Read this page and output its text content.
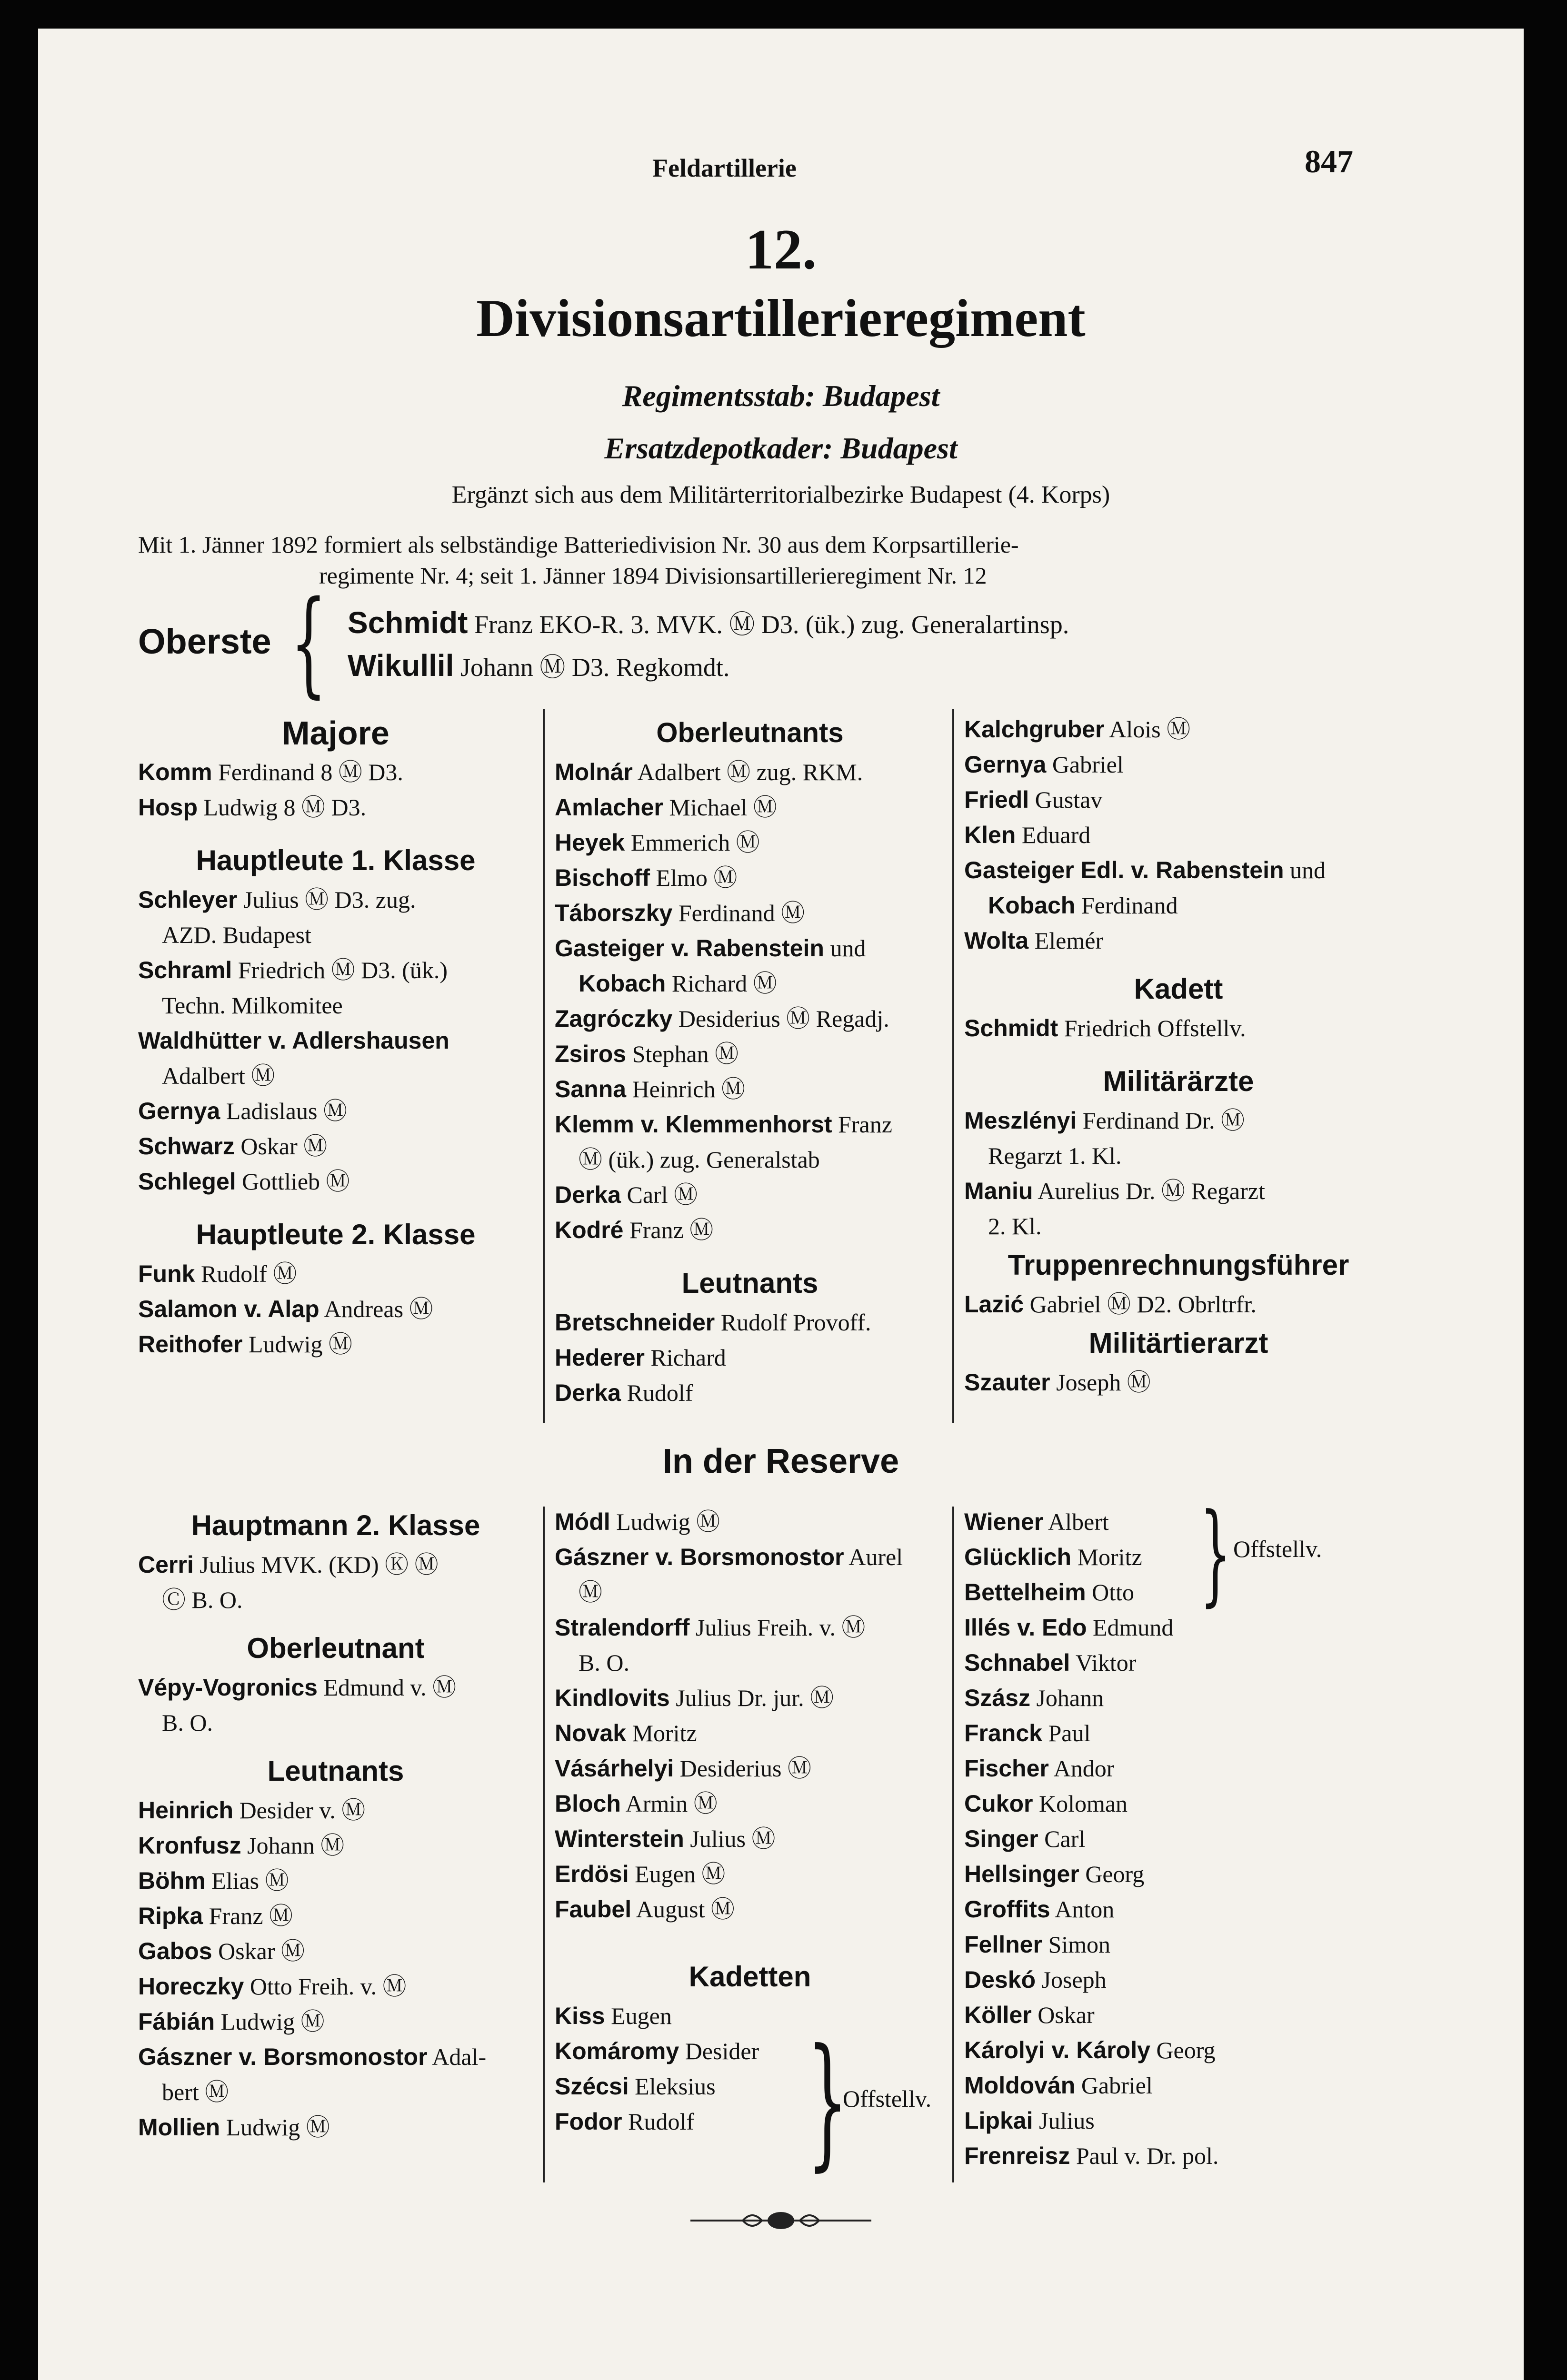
Feldartillerie	847
12.
Divisionsartillerieregiment
Regimentsstab: Budapest
Ersatzdepotkader: Budapest
Ergänzt sich aus dem Militärterritorialbezirke Budapest (4. Korps)
Mit 1. Jänner 1892 formiert als selbständige Batteriedivision Nr. 30 aus dem Korpsartillerie-
regimente Nr. 4; seit 1. Jänner 1894 Divisionsartillerieregiment Nr. 12
Oberste { Schmidt Franz EKO-R. 3. MVK. Ⓜ D3. (ük.) zug. Generalartinsp.
Wikullil Johann Ⓜ D3. Regkomdt.
Majore
Komm Ferdinand 8 Ⓜ D3.
Hosp Ludwig 8 Ⓜ D3.
Hauptleute 1. Klasse
Schleyer Julius Ⓜ D3. zug.
AZD. Budapest
Schraml Friedrich Ⓜ D3. (ük.)
Techn. Milkomitee
Waldhütter v. Adlershausen
Adalbert Ⓜ
Gernya Ladislaus Ⓜ
Schwarz Oskar Ⓜ
Schlegel Gottlieb Ⓜ
Hauptleute 2. Klasse
Funk Rudolf Ⓜ
Salamon v. Alap Andreas Ⓜ
Reithofer Ludwig Ⓜ
Oberleutnants
Molnár Adalbert Ⓜ zug. RKM.
Amlacher Michael Ⓜ
Heyek Emmerich Ⓜ
Bischoff Elmo Ⓜ
Táborszky Ferdinand Ⓜ
Gasteiger v. Rabenstein und
Kobach Richard Ⓜ
Zagróczky Desiderius Ⓜ Regadj.
Zsiros Stephan Ⓜ
Sanna Heinrich Ⓜ
Klemm v. Klemmenhorst Franz
Ⓜ (ük.) zug. Generalstab
Derka Carl Ⓜ
Kodré Franz Ⓜ
Leutnants
Bretschneider Rudolf Provoff.
Hederer Richard
Derka Rudolf
Kalchgruber Alois Ⓜ
Gernya Gabriel
Friedl Gustav
Klen Eduard
Gasteiger Edl. v. Rabenstein und
Kobach Ferdinand
Wolta Elemér
Kadett
Schmidt Friedrich Offstellv.
Militärärzte
Meszlényi Ferdinand Dr. Ⓜ
Regarzt 1. Kl.
Maniu Aurelius Dr. Ⓜ Regarzt
2. Kl.
Truppenrechnungsführer
Lazić Gabriel Ⓜ D2. Obrltrfr.
Militärtierarzt
Szauter Joseph Ⓜ
In der Reserve
Hauptmann 2. Klasse
Cerri Julius MVK. (KD) Ⓚ Ⓜ
Ⓒ B. O.
Oberleutnant
Vépy-Vogronics Edmund v. Ⓜ
B. O.
Leutnants
Heinrich Desider v. Ⓜ
Kronfusz Johann Ⓜ
Böhm Elias Ⓜ
Ripka Franz Ⓜ
Gabos Oskar Ⓜ
Horeczky Otto Freih. v. Ⓜ
Fábián Ludwig Ⓜ
Gászner v. Borsmonostor Adal-
bert Ⓜ
Mollien Ludwig Ⓜ
Módl Ludwig Ⓜ
Gászner v. Borsmonostor Aurel
Ⓜ
Stralendorff Julius Freih. v. Ⓜ
B. O.
Kindlovits Julius Dr. jur. Ⓜ
Novak Moritz
Vásárhelyi Desiderius Ⓜ
Bloch Armin Ⓜ
Winterstein Julius Ⓜ
Erdösi Eugen Ⓜ
Faubel August Ⓜ
Kadetten
Kiss Eugen
Komáromy Desider
Szécsi Eleksius
Fodor Rudolf
Wiener Albert
Glücklich Moritz
Bettelheim Otto
Illés v. Edo Edmund
Schnabel Viktor
Szász Johann
Franck Paul
Fischer Andor
Cukor Koloman
Singer Carl
Hellsinger Georg
Groffits Anton
Fellner Simon
Deskó Joseph
Köller Oskar
Károlyi v. Károly Georg
Moldován Gabriel
Lipkai Julius
Frenreisz Paul v. Dr. pol.
} Offstellv.
}
Offstellv.
